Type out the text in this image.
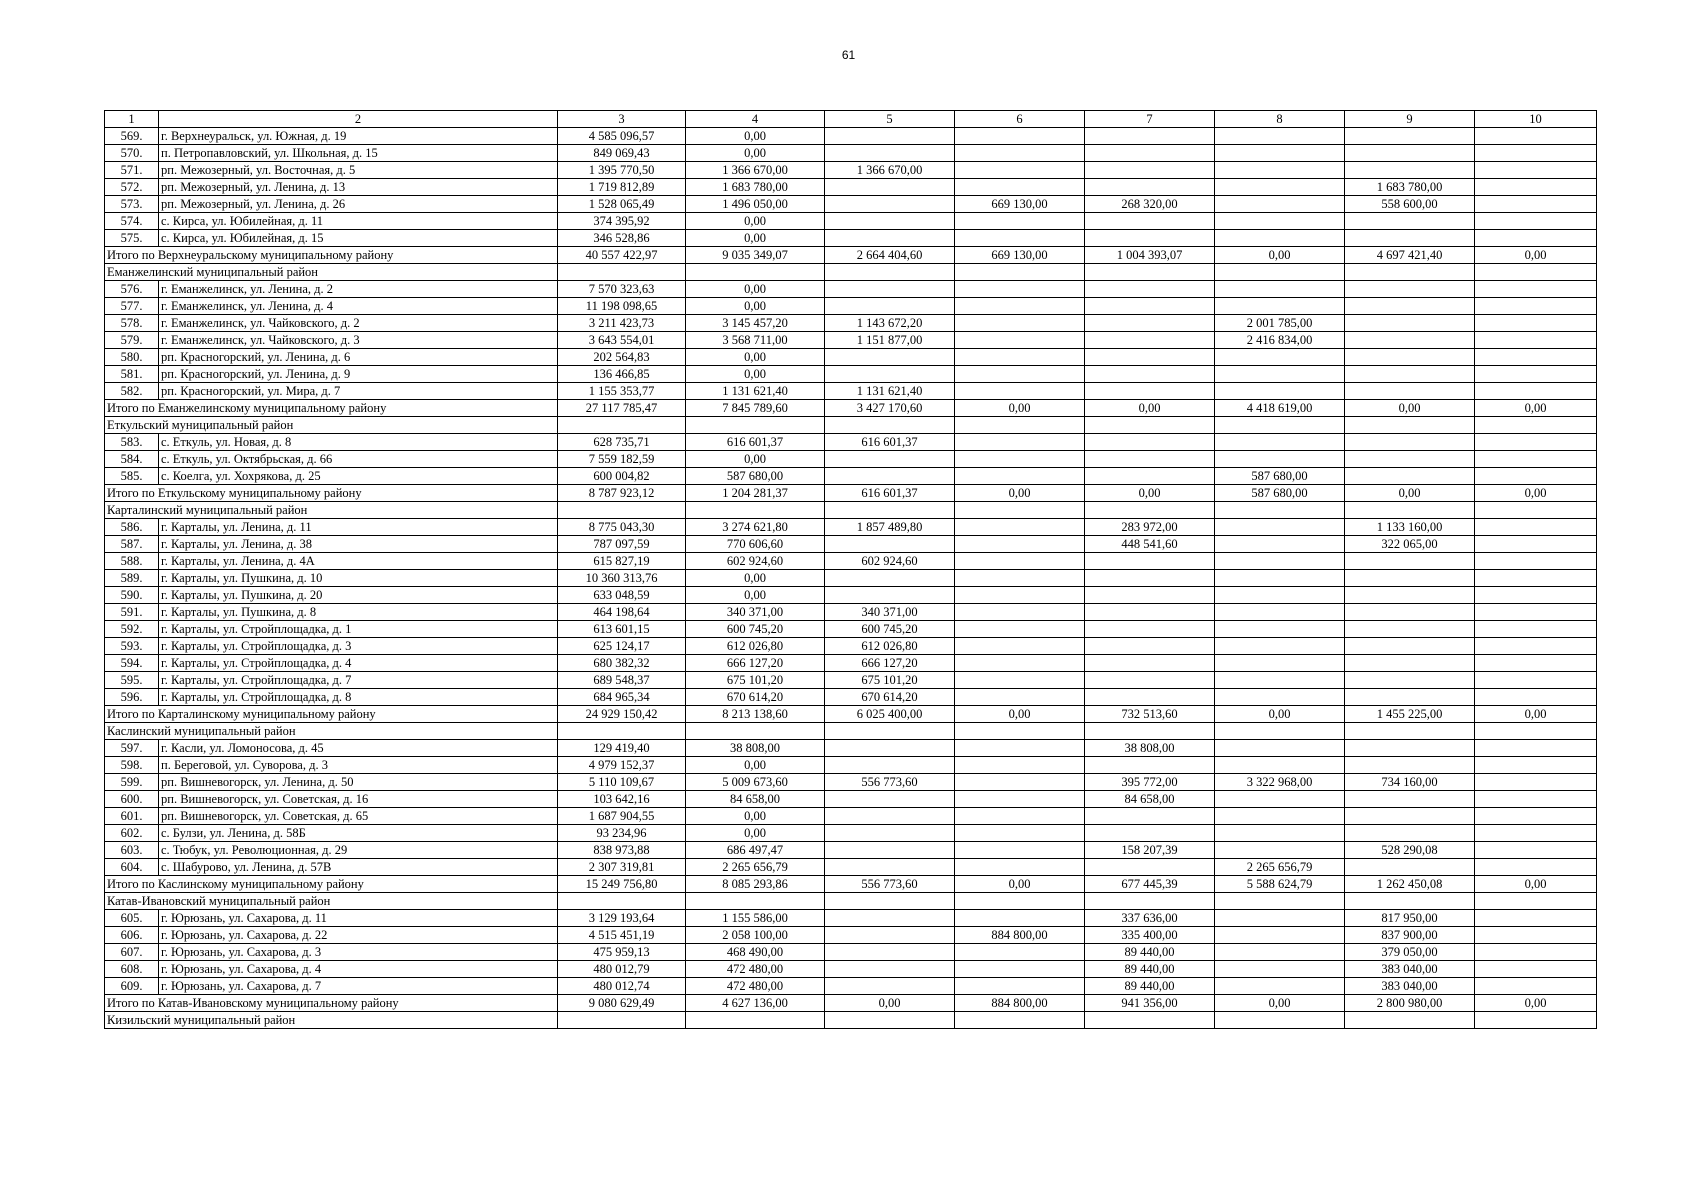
61
1	2	3	4	5	6	7	8	9	10
569.	г. Верхнеуральск, ул. Южная, д. 19	4 585 096,57	0,00						
570.	п. Петропавловский, ул. Школьная, д. 15	849 069,43	0,00						
571.	рп. Межозерный, ул. Восточная, д. 5	1 395 770,50	1 366 670,00	1 366 670,00					
572.	рп. Межозерный, ул. Ленина, д. 13	1 719 812,89	1 683 780,00					1 683 780,00	
573.	рп. Межозерный, ул. Ленина, д. 26	1 528 065,49	1 496 050,00		669 130,00	268 320,00		558 600,00	
574.	с. Кирса, ул. Юбилейная, д. 11	374 395,92	0,00						
575.	с. Кирса, ул. Юбилейная, д. 15	346 528,86	0,00						
Итого по Верхнеуральскому муниципальному району		40 557 422,97	9 035 349,07	2 664 404,60	669 130,00	1 004 393,07	0,00	4 697 421,40	0,00
Еманжелинский муниципальный район									
576.	г. Еманжелинск, ул. Ленина, д. 2	7 570 323,63	0,00						
577.	г. Еманжелинск, ул. Ленина, д. 4	11 198 098,65	0,00						
578.	г. Еманжелинск, ул. Чайковского, д. 2	3 211 423,73	3 145 457,20	1 143 672,20			2 001 785,00		
579.	г. Еманжелинск, ул. Чайковского, д. 3	3 643 554,01	3 568 711,00	1 151 877,00			2 416 834,00		
580.	рп. Красногорский, ул. Ленина, д. 6	202 564,83	0,00						
581.	рп. Красногорский, ул. Ленина, д. 9	136 466,85	0,00						
582.	рп. Красногорский, ул. Мира, д. 7	1 155 353,77	1 131 621,40	1 131 621,40					
Итого по Еманжелинскому муниципальному району		27 117 785,47	7 845 789,60	3 427 170,60	0,00	0,00	4 418 619,00	0,00	0,00
Еткульский муниципальный район									
583.	с. Еткуль, ул. Новая, д. 8	628 735,71	616 601,37	616 601,37					
584.	с. Еткуль, ул. Октябрьская, д. 66	7 559 182,59	0,00						
585.	с. Коелга, ул. Хохрякова, д. 25	600 004,82	587 680,00				587 680,00		
Итого по Еткульскому муниципальному району		8 787 923,12	1 204 281,37	616 601,37	0,00	0,00	587 680,00	0,00	0,00
Карталинский муниципальный район									
586.	г. Карталы, ул. Ленина, д. 11	8 775 043,30	3 274 621,80	1 857 489,80		283 972,00		1 133 160,00	
587.	г. Карталы, ул. Ленина, д. 38	787 097,59	770 606,60			448 541,60		322 065,00	
588.	г. Карталы, ул. Ленина, д. 4А	615 827,19	602 924,60	602 924,60					
589.	г. Карталы, ул. Пушкина, д. 10	10 360 313,76	0,00						
590.	г. Карталы, ул. Пушкина, д. 20	633 048,59	0,00						
591.	г. Карталы, ул. Пушкина, д. 8	464 198,64	340 371,00	340 371,00					
592.	г. Карталы, ул. Стройплощадка, д. 1	613 601,15	600 745,20	600 745,20					
593.	г. Карталы, ул. Стройплощадка, д. 3	625 124,17	612 026,80	612 026,80					
594.	г. Карталы, ул. Стройплощадка, д. 4	680 382,32	666 127,20	666 127,20					
595.	г. Карталы, ул. Стройплощадка, д. 7	689 548,37	675 101,20	675 101,20					
596.	г. Карталы, ул. Стройплощадка, д. 8	684 965,34	670 614,20	670 614,20					
Итого по Карталинскому муниципальному району		24 929 150,42	8 213 138,60	6 025 400,00	0,00	732 513,60	0,00	1 455 225,00	0,00
Каслинский муниципальный район									
597.	г. Касли, ул. Ломоносова, д. 45	129 419,40	38 808,00			38 808,00			
598.	п. Береговой, ул. Суворова, д. 3	4 979 152,37	0,00						
599.	рп. Вишневогорск, ул. Ленина, д. 50	5 110 109,67	5 009 673,60	556 773,60		395 772,00	3 322 968,00	734 160,00	
600.	рп. Вишневогорск, ул. Советская, д. 16	103 642,16	84 658,00			84 658,00			
601.	рп. Вишневогорск, ул. Советская, д. 65	1 687 904,55	0,00						
602.	с. Булзи, ул. Ленина, д. 58Б	93 234,96	0,00						
603.	с. Тюбук, ул. Революционная, д. 29	838 973,88	686 497,47			158 207,39		528 290,08	
604.	с. Шабурово, ул. Ленина, д. 57В	2 307 319,81	2 265 656,79				2 265 656,79		
Итого по Каслинскому муниципальному району		15 249 756,80	8 085 293,86	556 773,60	0,00	677 445,39	5 588 624,79	1 262 450,08	0,00
Катав-Ивановский муниципальный район									
605.	г. Юрюзань, ул. Сахарова, д. 11	3 129 193,64	1 155 586,00			337 636,00		817 950,00	
606.	г. Юрюзань, ул. Сахарова, д. 22	4 515 451,19	2 058 100,00		884 800,00	335 400,00		837 900,00	
607.	г. Юрюзань, ул. Сахарова, д. 3	475 959,13	468 490,00			89 440,00		379 050,00	
608.	г. Юрюзань, ул. Сахарова, д. 4	480 012,79	472 480,00			89 440,00		383 040,00	
609.	г. Юрюзань, ул. Сахарова, д. 7	480 012,74	472 480,00			89 440,00		383 040,00	
Итого по Катав-Ивановскому муниципальному району		9 080 629,49	4 627 136,00	0,00	884 800,00	941 356,00	0,00	2 800 980,00	0,00
Кизильский муниципальный район									
